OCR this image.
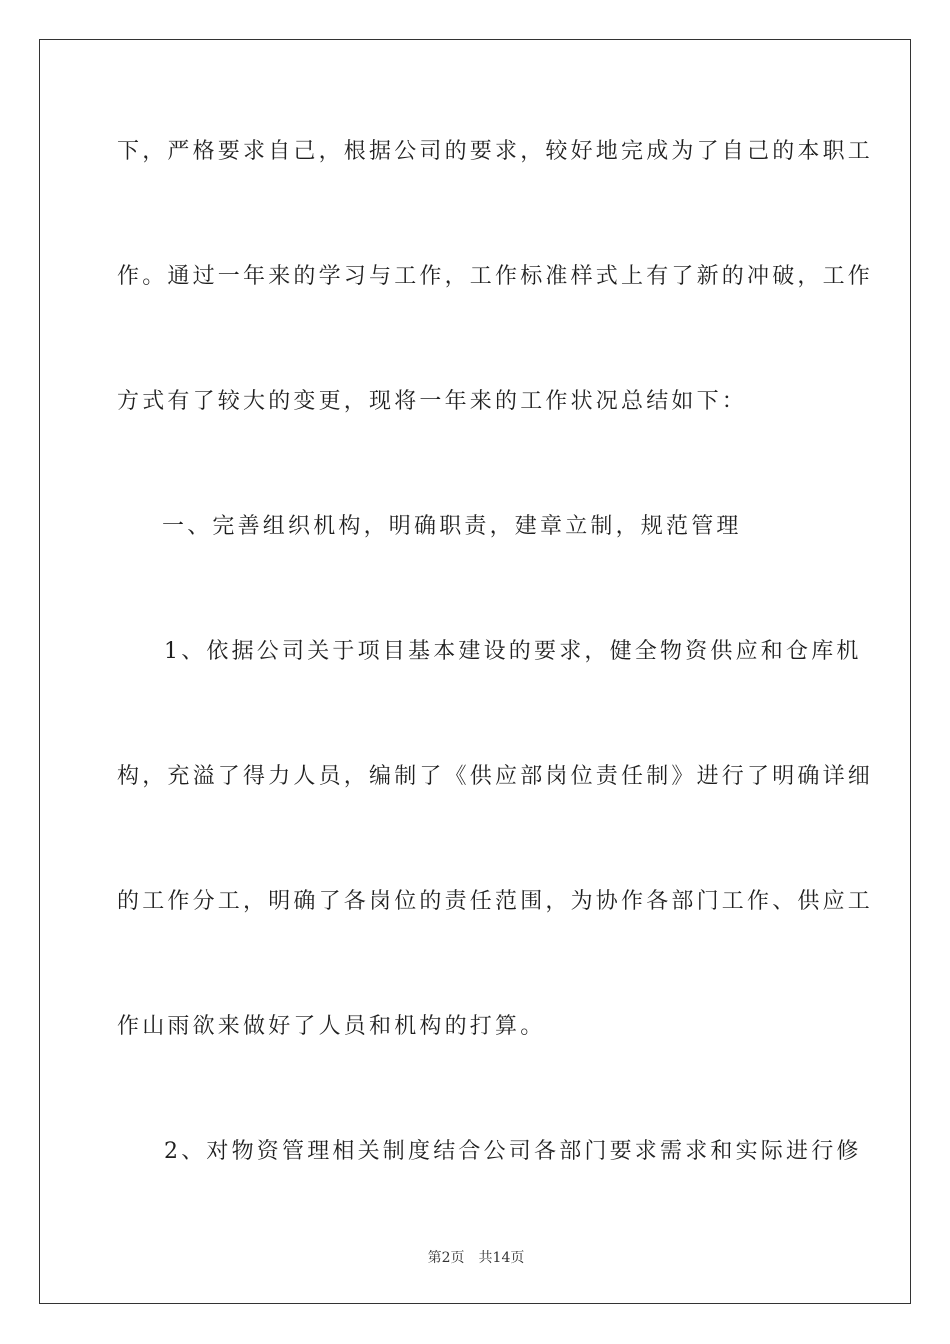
下，严格要求自己，根据公司的要求，较好地完成为了自己的本职工
作。通过一年来的学习与工作，工作标准样式上有了新的冲破，工作
方式有了较大的变更，现将一年来的工作状况总结如下：
一、完善组织机构，明确职责，建章立制，规范管理
1、依据公司关于项目基本建设的要求，健全物资供应和仓库机
构，充溢了得力人员，编制了《供应部岗位责任制》进行了明确详细
的工作分工，明确了各岗位的责任范围，为协作各部门工作、供应工
作山雨欲来做好了人员和机构的打算。
2、对物资管理相关制度结合公司各部门要求需求和实际进行修
第2页 共14页
